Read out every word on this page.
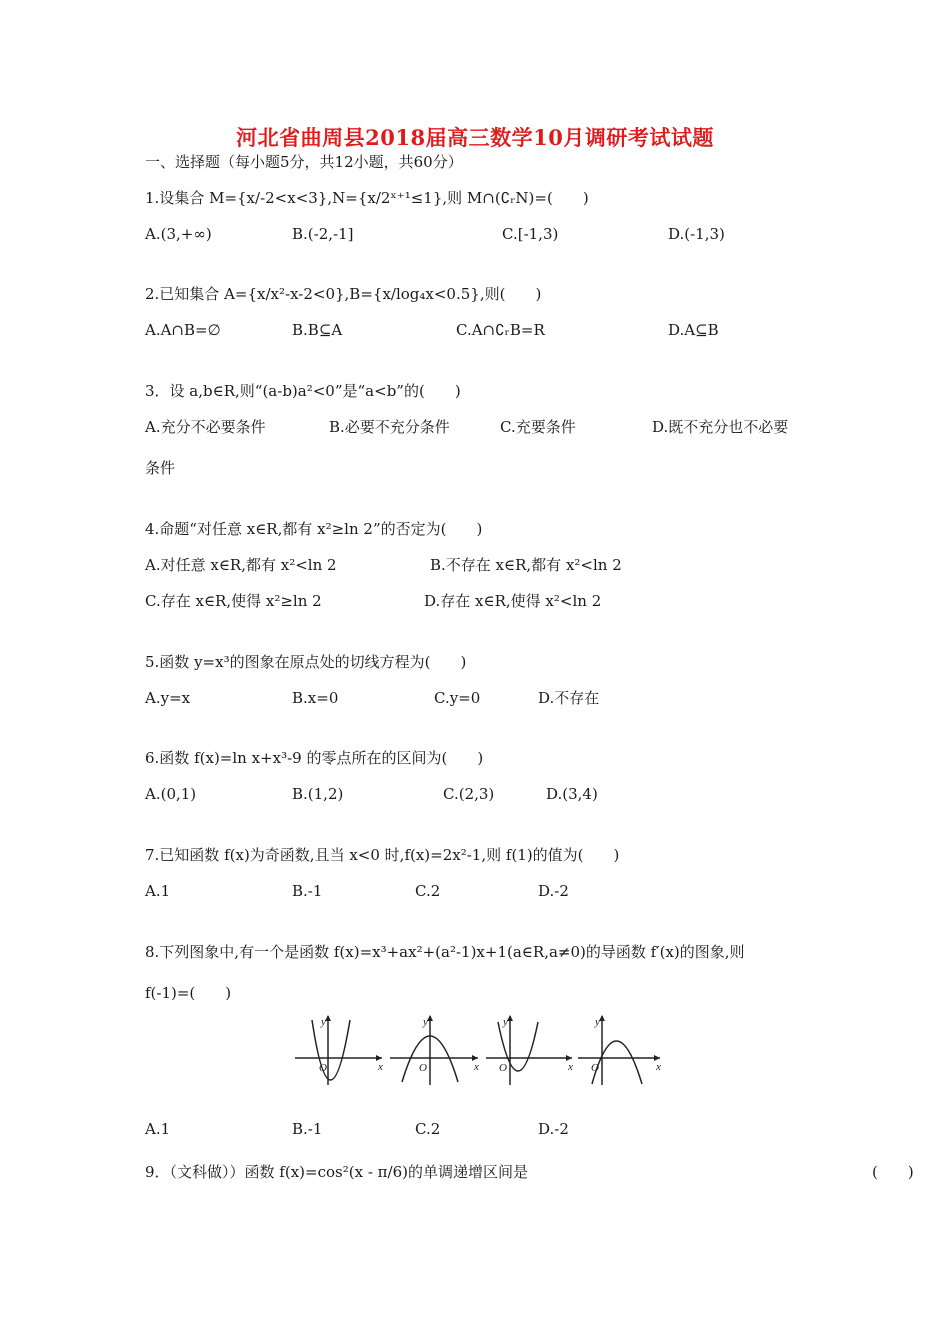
河北省曲周县2018届高三数学10月调研考试试题
一、选择题（每小题5分，共12小题，共60分）
1.设集合 M={x/-2<x<3},N={x/2ˣ⁺¹≤1},则 M∩(∁ᵣN)=(　　)
A.(3,+∞)	B.(-2,-1]	C.[-1,3)	D.(-1,3)
2.已知集合 A={x/x²-x-2<0},B={x/log₄x<0.5},则(　　)
A.A∩B=∅	B.B⊆A	C.A∩∁ᵣB=R	D.A⊆B
3．设 a,b∈R,则“(a-b)a²<0”是“a<b”的(　　)
A.充分不必要条件	B.必要不充分条件	C.充要条件	D.既不充分也不必要
条件
4.命题“对任意 x∈R,都有 x²≥ln 2”的否定为(　　)
A.对任意 x∈R,都有 x²<ln 2	B.不存在 x∈R,都有 x²<ln 2
C.存在 x∈R,使得 x²≥ln 2	D.存在 x∈R,使得 x²<ln 2
5.函数 y=x³的图象在原点处的切线方程为(　　)
A.y=x	B.x=0	C.y=0	D.不存在
6.函数 f(x)=ln x+x³-9 的零点所在的区间为(　　)
A.(0,1)	B.(1,2)	C.(2,3)	D.(3,4)
7.已知函数 f(x)为奇函数,且当 x<0 时,f(x)=2x²-1,则 f(1)的值为(　　)
A.1	B.-1	C.2	D.-2
8.下列图象中,有一个是函数 f(x)=x³+ax²+(a²-1)x+1(a∈R,a≠0)的导函数 f′(x)的图象,则
f(-1)=(　　)
y
x
O
y
x
O
y
x
O
y
x
O
A.1	B.-1	C.2	D.-2
9．（文科做））函数 f(x)=cos²(x - π/6)的单调递增区间是	(　　)
